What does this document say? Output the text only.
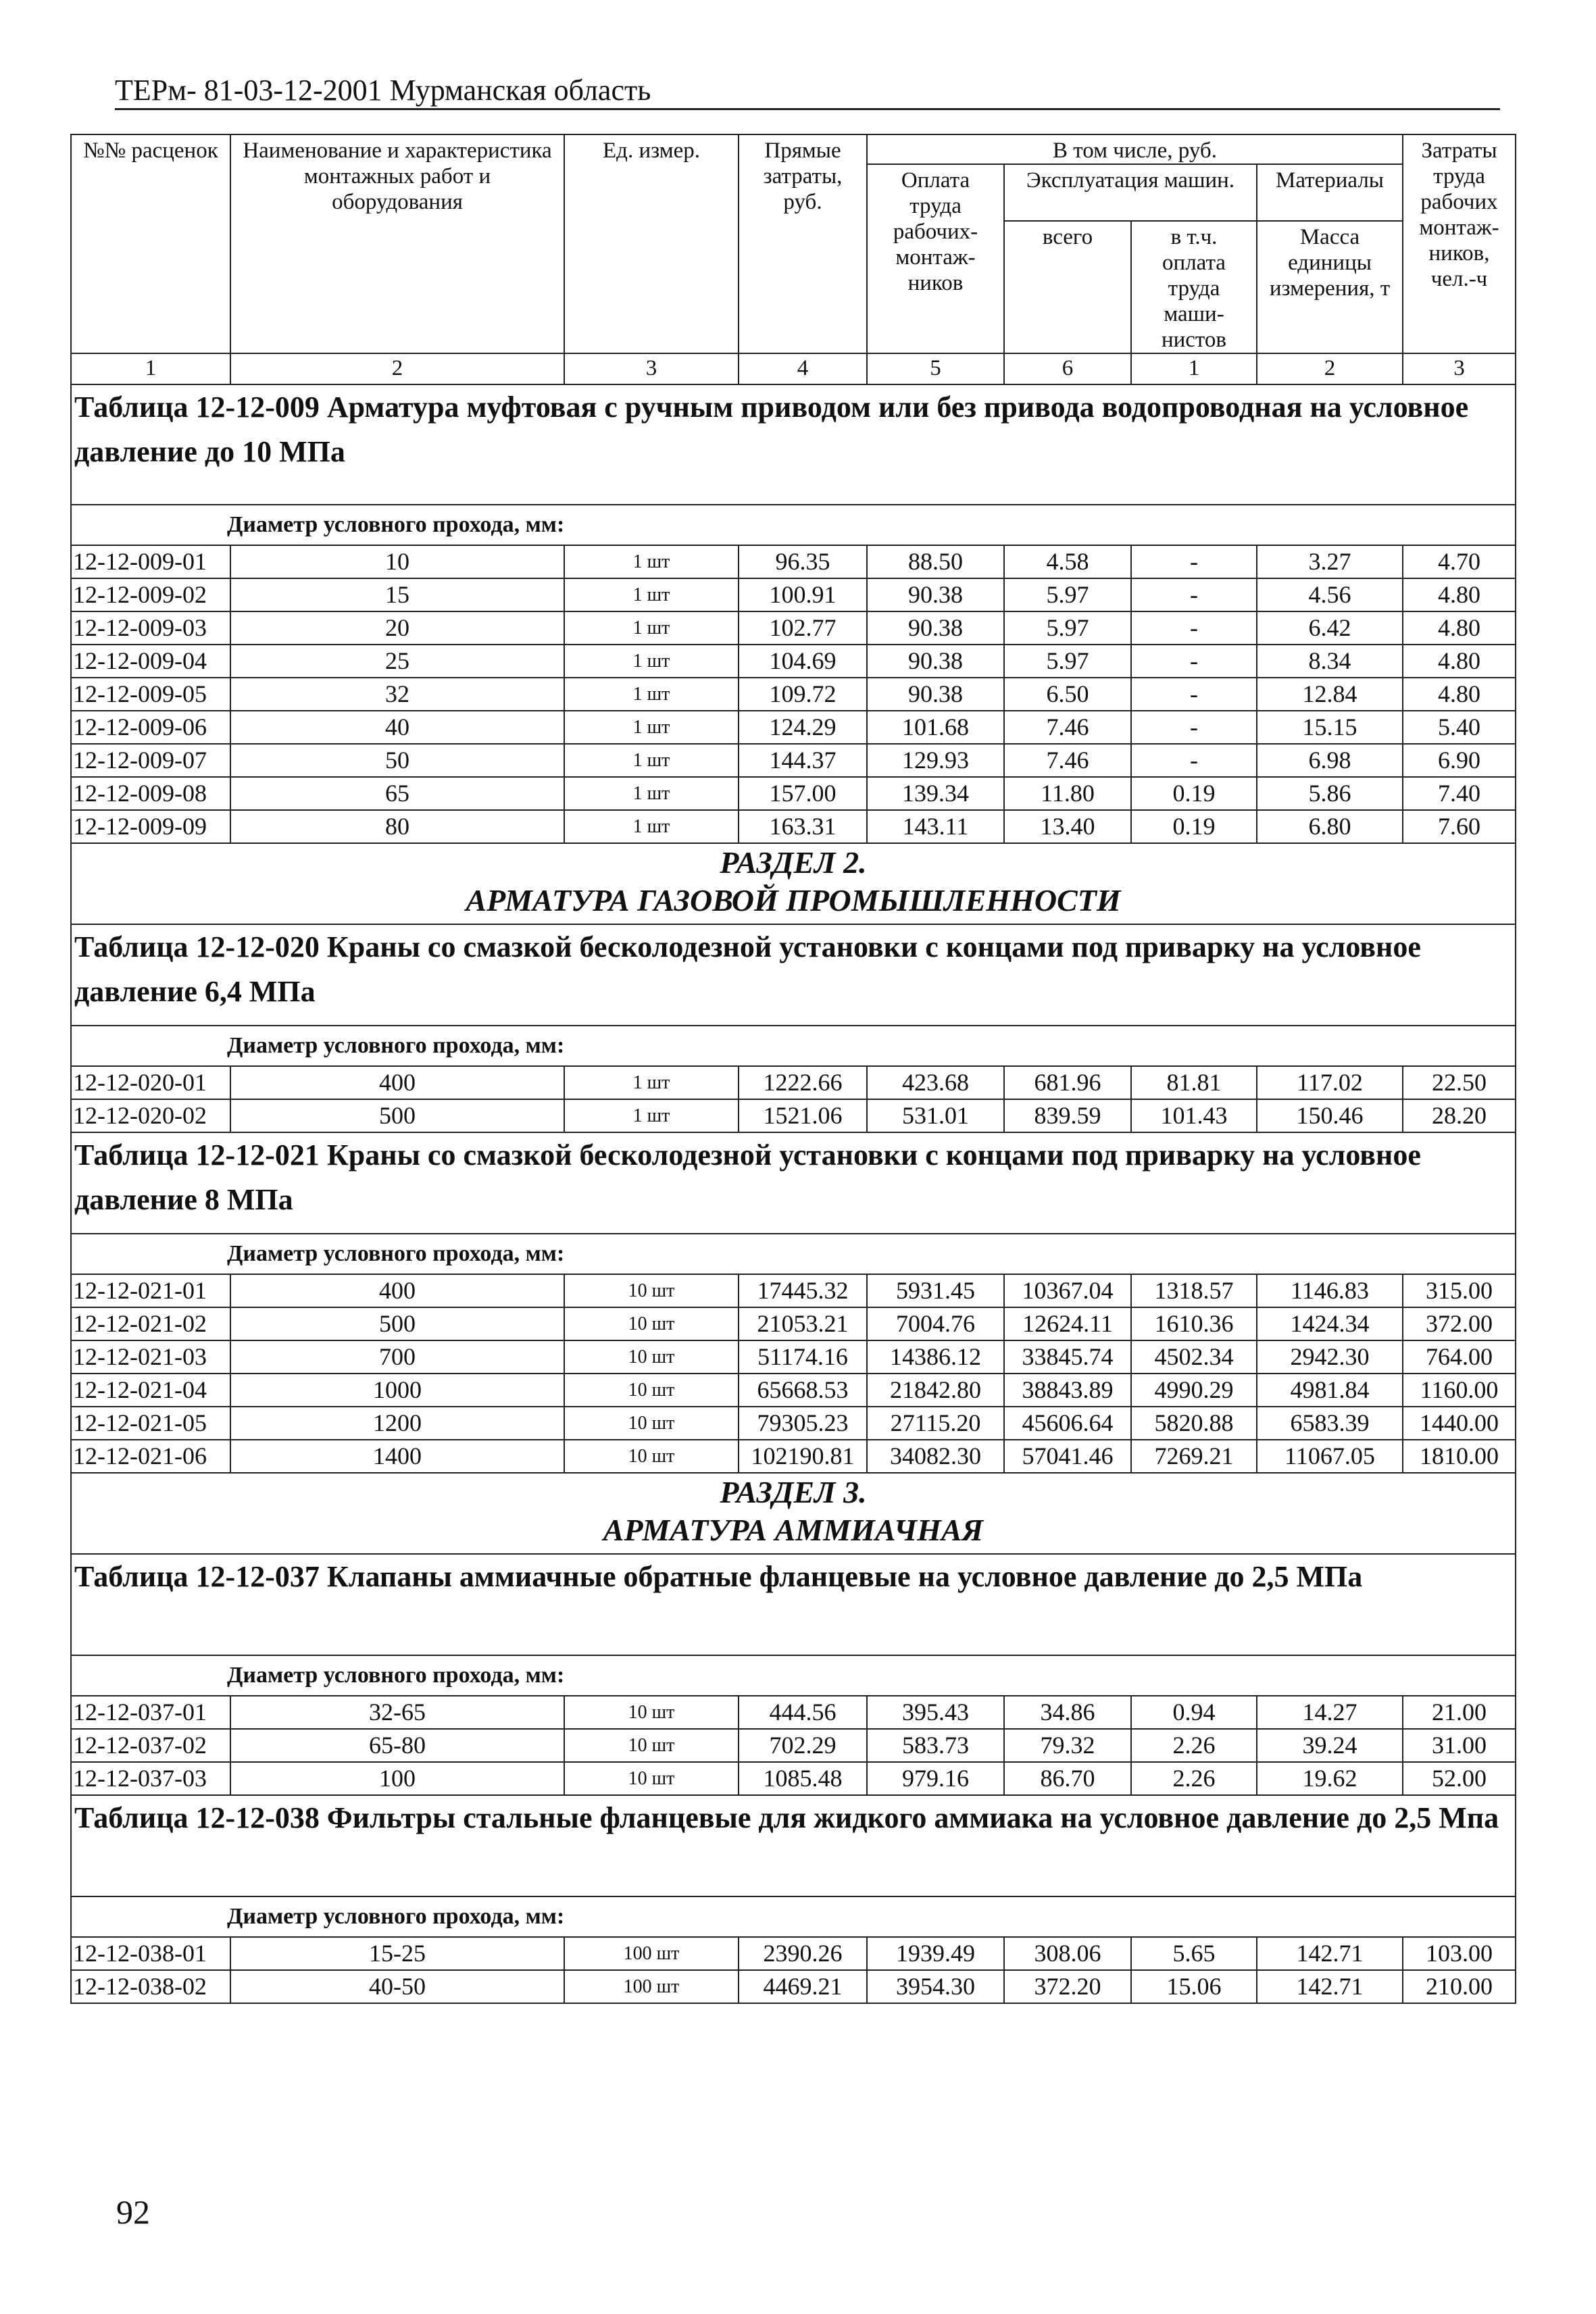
ТЕРм- 81-03-12-2001 Мурманская область
№№ расценок	Наименование и характеристика монтажных работ и оборудования	Ед. измер.	Прямые затраты, руб.	В том числе, руб.				Затраты труда рабочих монтаж-ников, чел.-ч
				Оплата труда рабочих-монтаж-ников	Эксплуатация машин.		Материалы	
					всего	в т.ч. оплата труда маши-нистов	Масса единицы измерения, т	
1	2	3	4	5	6	1	2	3
Таблица 12-12-009 Арматура муфтовая с ручным приводом или без привода водопроводная на условное давление до 10 МПа								
Диаметр условного прохода, мм:								
12-12-009-01	10	1 шт	96.35	88.50	4.58	-	3.27	4.70
12-12-009-02	15	1 шт	100.91	90.38	5.97	-	4.56	4.80
12-12-009-03	20	1 шт	102.77	90.38	5.97	-	6.42	4.80
12-12-009-04	25	1 шт	104.69	90.38	5.97	-	8.34	4.80
12-12-009-05	32	1 шт	109.72	90.38	6.50	-	12.84	4.80
12-12-009-06	40	1 шт	124.29	101.68	7.46	-	15.15	5.40
12-12-009-07	50	1 шт	144.37	129.93	7.46	-	6.98	6.90
12-12-009-08	65	1 шт	157.00	139.34	11.80	0.19	5.86	7.40
12-12-009-09	80	1 шт	163.31	143.11	13.40	0.19	6.80	7.60

РАЗДЕЛ 2.
АРМАТУРА ГАЗОВОЙ ПРОМЫШЛЕННОСТИ								

Таблица 12-12-020 Краны со смазкой бесколодезной установки с концами под приварку на условное давление 6,4 МПа								
Диаметр условного прохода, мм:								
12-12-020-01	400	1 шт	1222.66	423.68	681.96	81.81	117.02	22.50
12-12-020-02	500	1 шт	1521.06	531.01	839.59	101.43	150.46	28.20
Таблица 12-12-021 Краны со смазкой бесколодезной установки с концами под приварку на условное давление 8 МПа								
Диаметр условного прохода, мм:								
12-12-021-01	400	10 шт	17445.32	5931.45	10367.04	1318.57	1146.83	315.00
12-12-021-02	500	10 шт	21053.21	7004.76	12624.11	1610.36	1424.34	372.00
12-12-021-03	700	10 шт	51174.16	14386.12	33845.74	4502.34	2942.30	764.00
12-12-021-04	1000	10 шт	65668.53	21842.80	38843.89	4990.29	4981.84	1160.00
12-12-021-05	1200	10 шт	79305.23	27115.20	45606.64	5820.88	6583.39	1440.00
12-12-021-06	1400	10 шт	102190.81	34082.30	57041.46	7269.21	11067.05	1810.00

РАЗДЕЛ 3.
АРМАТУРА АММИАЧНАЯ								

Таблица 12-12-037 Клапаны аммиачные обратные фланцевые на условное давление до 2,5 МПа								
Диаметр условного прохода, мм:								
12-12-037-01	32-65	10 шт	444.56	395.43	34.86	0.94	14.27	21.00
12-12-037-02	65-80	10 шт	702.29	583.73	79.32	2.26	39.24	31.00
12-12-037-03	100	10 шт	1085.48	979.16	86.70	2.26	19.62	52.00
Таблица 12-12-038 Фильтры стальные фланцевые для жидкого аммиака на условное давление до 2,5 Мпа								
Диаметр условного прохода, мм:								
12-12-038-01	15-25	100 шт	2390.26	1939.49	308.06	5.65	142.71	103.00
12-12-038-02	40-50	100 шт	4469.21	3954.30	372.20	15.06	142.71	210.00
92
